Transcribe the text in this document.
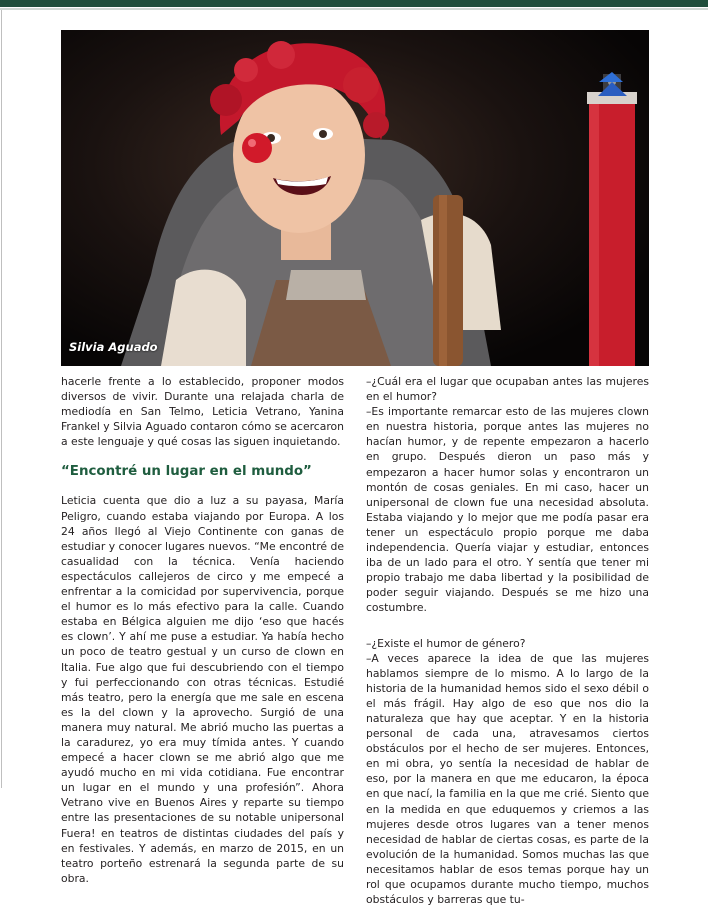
Silvia Aguado

hacerle frente a lo establecido, proponer modos diversos de vivir. Durante una relajada charla de mediodía en San Telmo, Leticia Vetrano, Yanina Frankel y Silvia Aguado contaron cómo se acercaron a este lenguaje y qué cosas las siguen inquietando.

“Encontré un lugar en el mundo”

Leticia cuenta que dio a luz a su payasa, María Peligro, cuando estaba viajando por Europa. A los 24 años llegó al Viejo Continente con ganas de estudiar y conocer lugares nuevos. “Me encontré de casualidad con la técnica. Venía haciendo espectáculos callejeros de circo y me empecé a enfrentar a la comicidad por supervivencia, porque el humor es lo más efectivo para la calle. Cuando estaba en Bélgica alguien me dijo ‘eso que hacés es clown’. Y ahí me puse a estudiar. Ya había hecho un poco de teatro gestual y un curso de clown en Italia. Fue algo que fui descubriendo con el tiempo y fui perfeccionando con otras técnicas. Estudié más teatro, pero la energía que me sale en escena es la del clown y la aprovecho. Surgió de una manera muy natural. Me abrió mucho las puertas a la caradurez, yo era muy tímida antes. Y cuando empecé a hacer clown se me abrió algo que me ayudó mucho en mi vida cotidiana. Fue encontrar un lugar en el mundo y una profesión”. Ahora Vetrano vive en Buenos Aires y reparte su tiempo entre las presentaciones de su notable unipersonal Fuera! en teatros de distintas ciudades del país y en festivales. Y además, en marzo de 2015, en un teatro porteño estrenará la segunda parte de su obra.

–¿Cuál era el lugar que ocupaban antes las mujeres en el humor?

–Es importante remarcar esto de las mujeres clown en nuestra historia, porque antes las mujeres no hacían humor, y de repente empezaron a hacerlo en grupo. Después dieron un paso más y empezaron a hacer humor solas y encontraron un montón de cosas geniales. En mi caso, hacer un unipersonal de clown fue una necesidad absoluta. Estaba viajando y lo mejor que me podía pasar era tener un espectáculo propio porque me daba independencia. Quería viajar y estudiar, entonces iba de un lado para el otro. Y sentía que tener mi propio trabajo me daba libertad y la posibilidad de poder seguir viajando. Después se me hizo una costumbre.

–¿Existe el humor de género?

–A veces aparece la idea de que las mujeres hablamos siempre de lo mismo. A lo largo de la historia de la humanidad hemos sido el sexo débil o el más frágil. Hay algo de eso que nos dio la naturaleza que hay que aceptar. Y en la historia personal de cada una, atravesamos ciertos obstáculos por el hecho de ser mujeres. Entonces, en mi obra, yo sentía la necesidad de hablar de eso, por la manera en que me educaron, la época en que nací, la familia en la que me crié. Siento que en la medida en que eduquemos y criemos a las mujeres desde otros lugares van a tener menos necesidad de hablar de ciertas cosas, es parte de la evolución de la humanidad. Somos muchas las que necesitamos hablar de esos temas porque hay un rol que ocupamos durante mucho tiempo, muchos obstáculos y barreras que tu-
